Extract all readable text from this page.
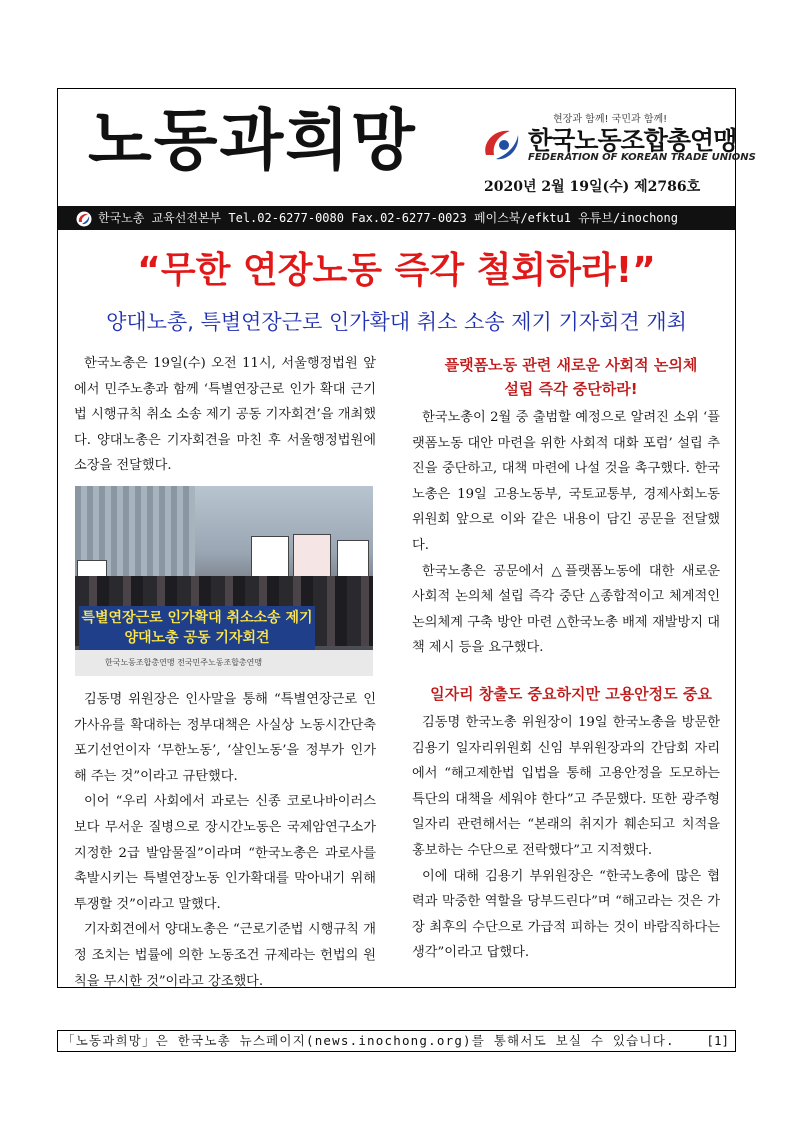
노동과희망	현장과 함께! 국민과 함께!
한국노동조합총연맹
FEDERATION OF KOREAN TRADE UNIONS
2020년 2월 19일(수) 제2786호
한국노총 교육선전본부 Tel.02-6277-0080 Fax.02-6277-0023 페이스북/efktu1 유튜브/inochong
“무한 연장노동 즉각 철회하라!”
양대노총, 특별연장근로 인가확대 취소 소송 제기 기자회견 개최

한국노총은 19일(수) 오전 11시, 서울행정법원 앞에서 민주노총과 함께 ‘특별연장근로 인가 확대 근기법 시행규칙 취소 소송 제기 공동 기자회견’을 개최했다. 양대노총은 기자회견을 마친 후 서울행정법원에 소장을 전달했다.

특별연장근로 인가확대 취소소송 제기
양대노총 공동 기자회견
한국노동조합총연맹 전국민주노동조합총연맹

김동명 위원장은 인사말을 통해 “특별연장근로 인가사유를 확대하는 정부대책은 사실상 노동시간단축 포기선언이자 ‘무한노동’, ‘살인노동’을 정부가 인가해 주는 것”이라고 규탄했다.

이어 “우리 사회에서 과로는 신종 코로나바이러스 보다 무서운 질병으로 장시간노동은 국제암연구소가 지정한 2급 발암물질”이라며 “한국노총은 과로사를 촉발시키는 특별연장노동 인가확대를 막아내기 위해 투쟁할 것”이라고 말했다.

기자회견에서 양대노총은 “근로기준법 시행규칙 개정 조치는 법률에 의한 노동조건 규제라는 헌법의 원칙을 무시한 것”이라고 강조했다.

플랫폼노동 관련 새로운 사회적 논의체
설립 즉각 중단하라!

한국노총이 2월 중 출범할 예정으로 알려진 소위 ‘플랫폼노동 대안 마련을 위한 사회적 대화 포럼’ 설립 추진을 중단하고, 대책 마련에 나설 것을 촉구했다. 한국노총은 19일 고용노동부, 국토교통부, 경제사회노동위원회 앞으로 이와 같은 내용이 담긴 공문을 전달했다.

한국노총은 공문에서 △플랫폼노동에 대한 새로운 사회적 논의체 설립 즉각 중단 △종합적이고 체계적인 논의체계 구축 방안 마련 △한국노총 배제 재발방지 대책 제시 등을 요구했다.

일자리 창출도 중요하지만 고용안정도 중요

김동명 한국노총 위원장이 19일 한국노총을 방문한 김용기 일자리위원회 신임 부위원장과의 간담회 자리에서 “해고제한법 입법을 통해 고용안정을 도모하는 특단의 대책을 세워야 한다”고 주문했다. 또한 광주형일자리 관련해서는 “본래의 취지가 훼손되고 치적을 홍보하는 수단으로 전락했다”고 지적했다.

이에 대해 김용기 부위원장은 “한국노총에 많은 협력과 막중한 역할을 당부드린다”며 “해고라는 것은 가장 최후의 수단으로 가급적 피하는 것이 바람직하다는 생각”이라고 답했다.

「노동과희망」은 한국노총 뉴스페이지(news.inochong.org)를 통해서도 보실 수 있습니다.	[1]
